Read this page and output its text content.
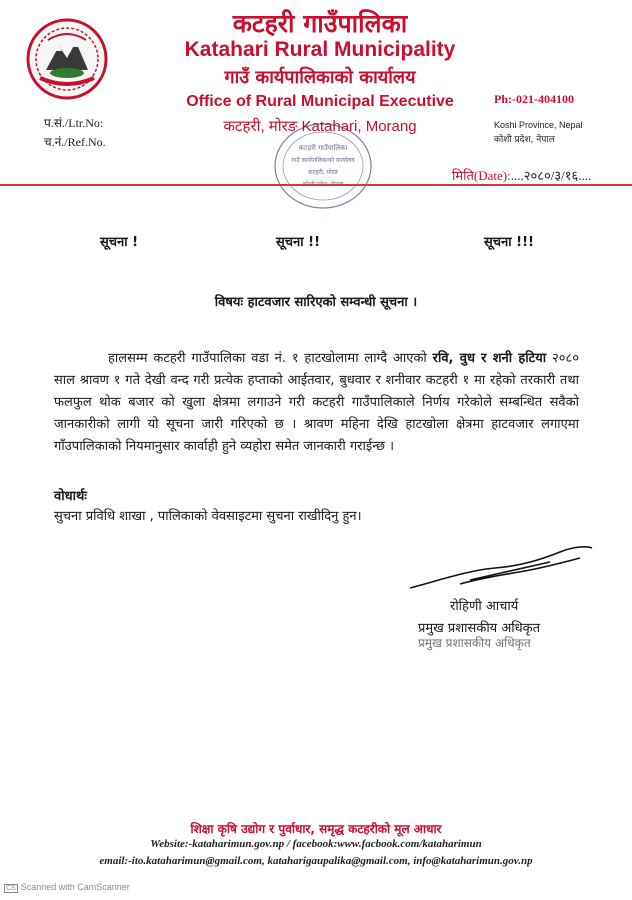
कटहरी गाउँपालिका
Katahari Rural Municipality
गाउँ कार्यपालिकाको कार्यालय
Office of Rural Municipal Executive
कटहरी, मोरङ Katahari, Morang
Ph:-021-404100
Koshi Province, Nepal
कोशी प्रदेश, नेपाल
प.सं./Ltr.No:
च.नं./Ref.No.	कटहरी गाउँपालिका
गाउँ कार्यपालिकाको कार्यालय
कटहरी, मोरङ	मिति(Date):....२०८०/३/१६....
सूचना !	सूचना !!	सूचना !!!
विषयः हाटवजार सारिएको सम्वन्धी सूचना ।
हालसम्म कटहरी गाउँपालिका वडा नं. १ हाटखोलामा लाग्दै आएको रवि, वुध र शनी हटिया २०८० साल श्रावण १ गते देखी वन्द गरी प्रत्येक हप्ताको आईतवार, बुधवार र शनीवार कटहरी १ मा रहेको तरकारी तथा फलफुल थोक बजार को खुला क्षेत्रमा लगाउने गरी कटहरी गाउँपालिकाले निर्णय गरेकोले सम्बन्धित सवैको जानकारीको लागी यो सूचना जारी गरिएको छ । श्रावण महिना देखि हाटखोला क्षेत्रमा हाटवजार लगाएमा गाँउपालिकाको नियमानुसार कार्वाही हुने व्यहोरा समेत जानकारी गराईन्छ ।
वोधार्थः
सुचना प्रविधि शाखा , पालिकाको वेवसाइटमा सुचना राखीदिनु हुन।
रोहिणी आचार्य
प्रमुख प्रशासकीय अधिकृत
प्रमुख प्रशासकीय अधिकृत
शिक्षा कृषि उद्योग र पुर्वाधार, समृद्ध कटहरीको मूल आधार
Website:-kataharimun.gov.np / facebook:www.facbook.com/kataharimun
email:-ito.kataharimun@gmail.com, kataharigaupalika@gmail.com, info@kataharimun.gov.np
CS Scanned with CamScanner
